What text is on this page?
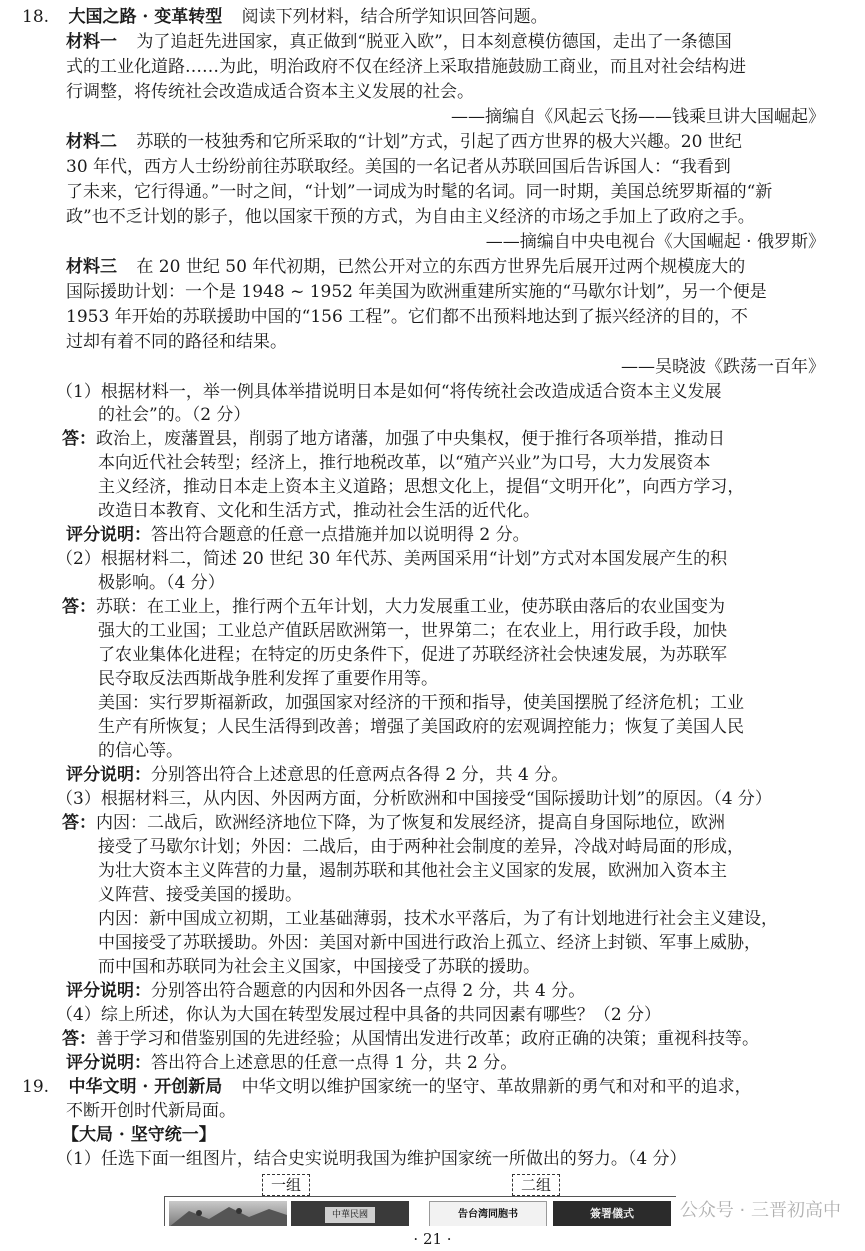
18. 大国之路 · 变革转型 阅读下列材料，结合所学知识回答问题。
材料一 为了追赶先进国家，真正做到“脱亚入欧”，日本刻意模仿德国，走出了一条德国
式的工业化道路……为此，明治政府不仅在经济上采取措施鼓励工商业，而且对社会结构进
行调整，将传统社会改造成适合资本主义发展的社会。
——摘编自《风起云飞扬——钱乘旦讲大国崛起》
材料二 苏联的一枝独秀和它所采取的“计划”方式，引起了西方世界的极大兴趣。20 世纪
30 年代，西方人士纷纷前往苏联取经。美国的一名记者从苏联回国后告诉国人：“我看到
了未来，它行得通。”一时之间，“计划”一词成为时髦的名词。同一时期，美国总统罗斯福的“新
政”也不乏计划的影子，他以国家干预的方式，为自由主义经济的市场之手加上了政府之手。
——摘编自中央电视台《大国崛起 · 俄罗斯》
材料三 在 20 世纪 50 年代初期，已然公开对立的东西方世界先后展开过两个规模庞大的
国际援助计划：一个是 1948 ~ 1952 年美国为欧洲重建所实施的“马歇尔计划”，另一个便是
1953 年开始的苏联援助中国的“156 工程”。它们都不出预料地达到了振兴经济的目的，不
过却有着不同的路径和结果。
——吴晓波《跌荡一百年》
（1）根据材料一，举一例具体举措说明日本是如何“将传统社会改造成适合资本主义发展
的社会”的。（2 分）
答：政治上，废藩置县，削弱了地方诸藩，加强了中央集权，便于推行各项举措，推动日
本向近代社会转型；经济上，推行地税改革，以“殖产兴业”为口号，大力发展资本
主义经济，推动日本走上资本主义道路；思想文化上，提倡“文明开化”，向西方学习，
改造日本教育、文化和生活方式，推动社会生活的近代化。
评分说明：答出符合题意的任意一点措施并加以说明得 2 分。
（2）根据材料二，简述 20 世纪 30 年代苏、美两国采用“计划”方式对本国发展产生的积
极影响。（4 分）
答：苏联：在工业上，推行两个五年计划，大力发展重工业，使苏联由落后的农业国变为
强大的工业国；工业总产值跃居欧洲第一，世界第二；在农业上，用行政手段，加快
了农业集体化进程；在特定的历史条件下，促进了苏联经济社会快速发展，为苏联军
民夺取反法西斯战争胜利发挥了重要作用等。
美国：实行罗斯福新政，加强国家对经济的干预和指导，使美国摆脱了经济危机；工业
生产有所恢复；人民生活得到改善；增强了美国政府的宏观调控能力；恢复了美国人民
的信心等。
评分说明：分别答出符合上述意思的任意两点各得 2 分，共 4 分。
（3）根据材料三，从内因、外因两方面，分析欧洲和中国接受“国际援助计划”的原因。（4 分）
答：内因：二战后，欧洲经济地位下降，为了恢复和发展经济，提高自身国际地位，欧洲
接受了马歇尔计划；外因：二战后，由于两种社会制度的差异，冷战对峙局面的形成，
为壮大资本主义阵营的力量，遏制苏联和其他社会主义国家的发展，欧洲加入资本主
义阵营、接受美国的援助。
内因：新中国成立初期，工业基础薄弱，技术水平落后，为了有计划地进行社会主义建设，
中国接受了苏联援助。外因：美国对新中国进行政治上孤立、经济上封锁、军事上威胁，
而中国和苏联同为社会主义国家，中国接受了苏联的援助。
评分说明：分别答出符合题意的内因和外因各一点得 2 分，共 4 分。
（4）综上所述，你认为大国在转型发展过程中具备的共同因素有哪些？（2 分）
答：善于学习和借鉴别国的先进经验；从国情出发进行改革；政府正确的决策；重视科技等。
评分说明：答出符合上述意思的任意一点得 1 分，共 2 分。
19. 中华文明 · 开创新局 中华文明以维护国家统一的坚守、革故鼎新的勇气和对和平的追求，
不断开创时代新局面。
【大局 · 坚守统一】
（1）任选下面一组图片，结合史实说明我国为维护国家统一所做出的努力。（4 分）
一组	二组
中華民國	告台湾同胞书	簽署儀式	公众号 · 三晋初高中
· 21 ·
